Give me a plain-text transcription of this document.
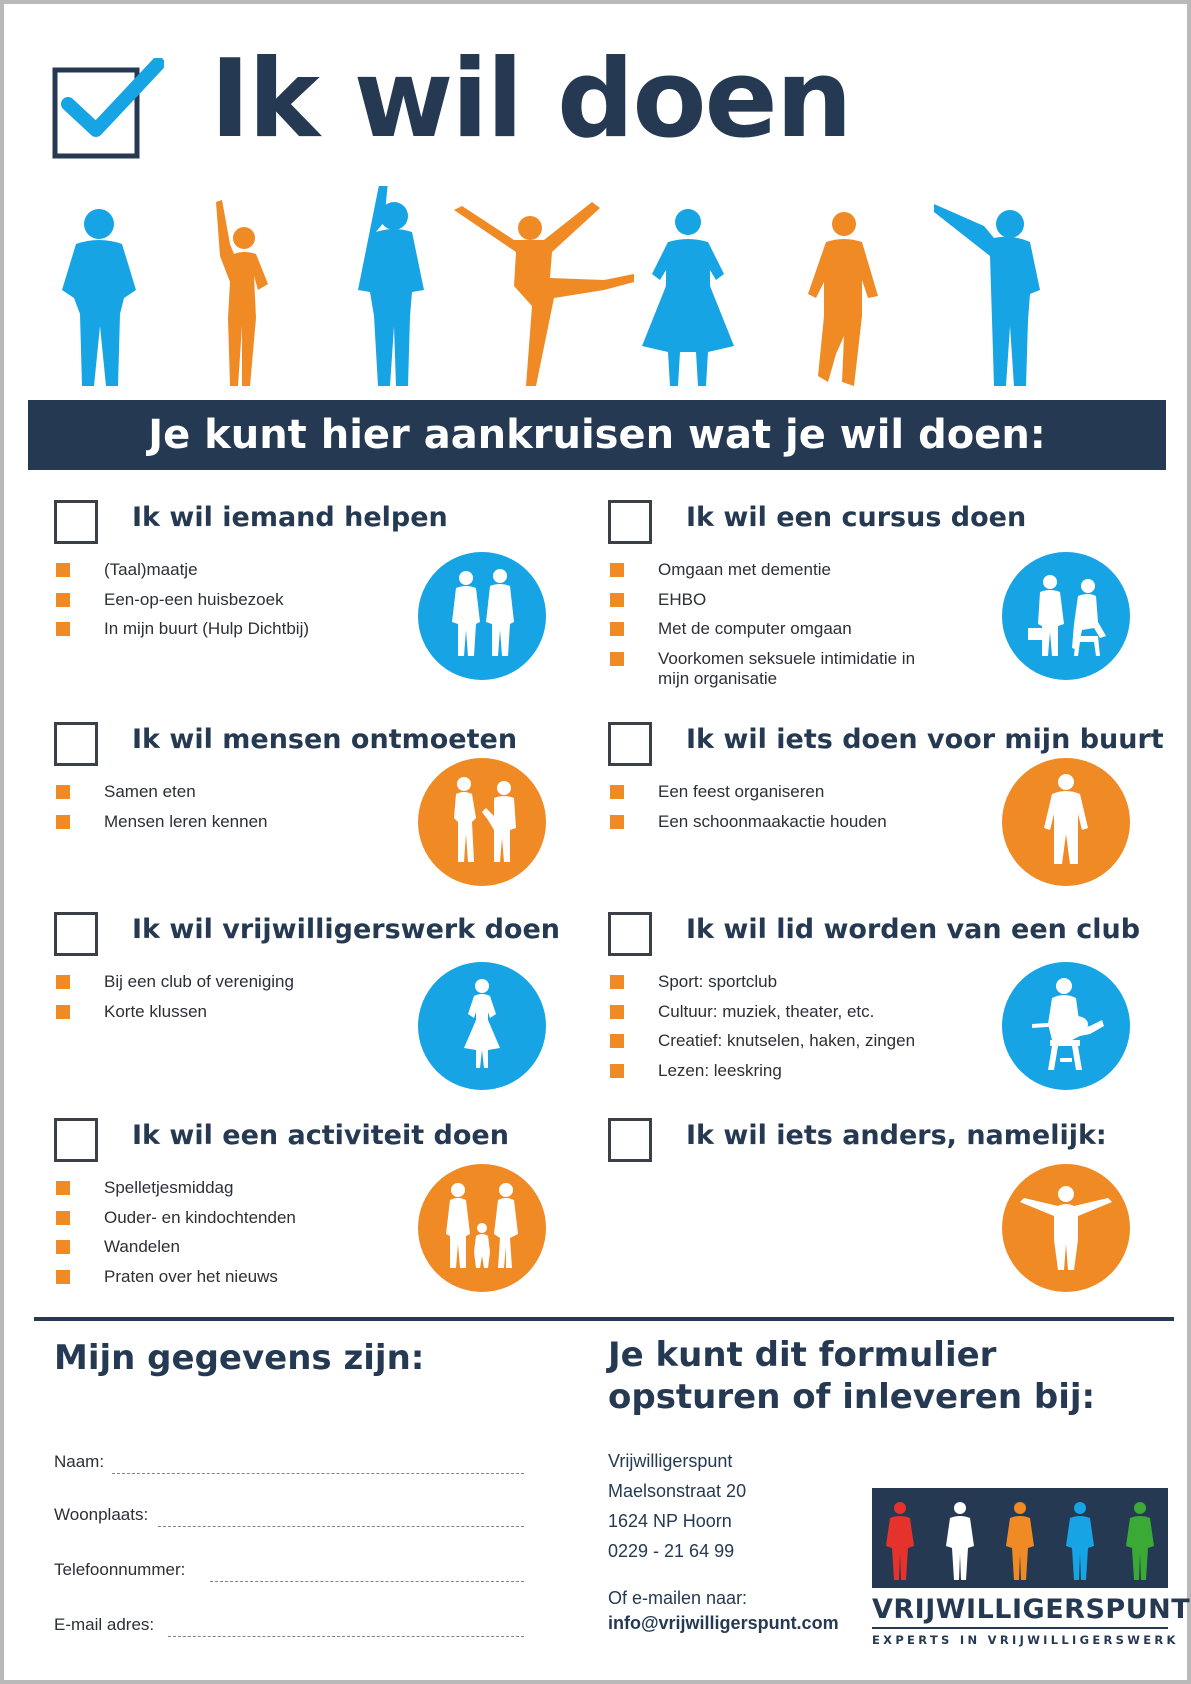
Ik wil doen
Je kunt hier aankruisen wat je wil doen:
Ik wil iemand helpen
(Taal)maatje
Een-op-een huisbezoek
In mijn buurt (Hulp Dichtbij)
Ik wil een cursus doen
Omgaan met dementie
EHBO
Met de computer omgaan
Voorkomen seksuele intimidatie in mijn organisatie
Ik wil mensen ontmoeten
Samen eten
Mensen leren kennen
Ik wil iets doen voor mijn buurt
Een feest organiseren
Een schoonmaakactie houden
Ik wil vrijwilligerswerk doen
Bij een club of vereniging
Korte klussen
Ik wil lid worden van een club
Sport: sportclub
Cultuur: muziek, theater, etc.
Creatief: knutselen, haken, zingen
Lezen: leeskring
Ik wil een activiteit doen
Spelletjesmiddag
Ouder- en kindochtenden
Wandelen
Praten over het nieuws
Ik wil iets anders, namelijk:
Mijn gegevens zijn:
Naam:
Woonplaats:
Telefoonnummer:
E-mail adres:
Je kunt dit formulier opsturen of inleveren bij:
Vrijwilligerspunt
Maelsonstraat 20
1624 NP Hoorn
0229 - 21 64 99
Of e-mailen naar:
info@vrijwilligerspunt.com VRIJWILLIGERSPUNT
EXPERTS IN VRIJWILLIGERSWERK
